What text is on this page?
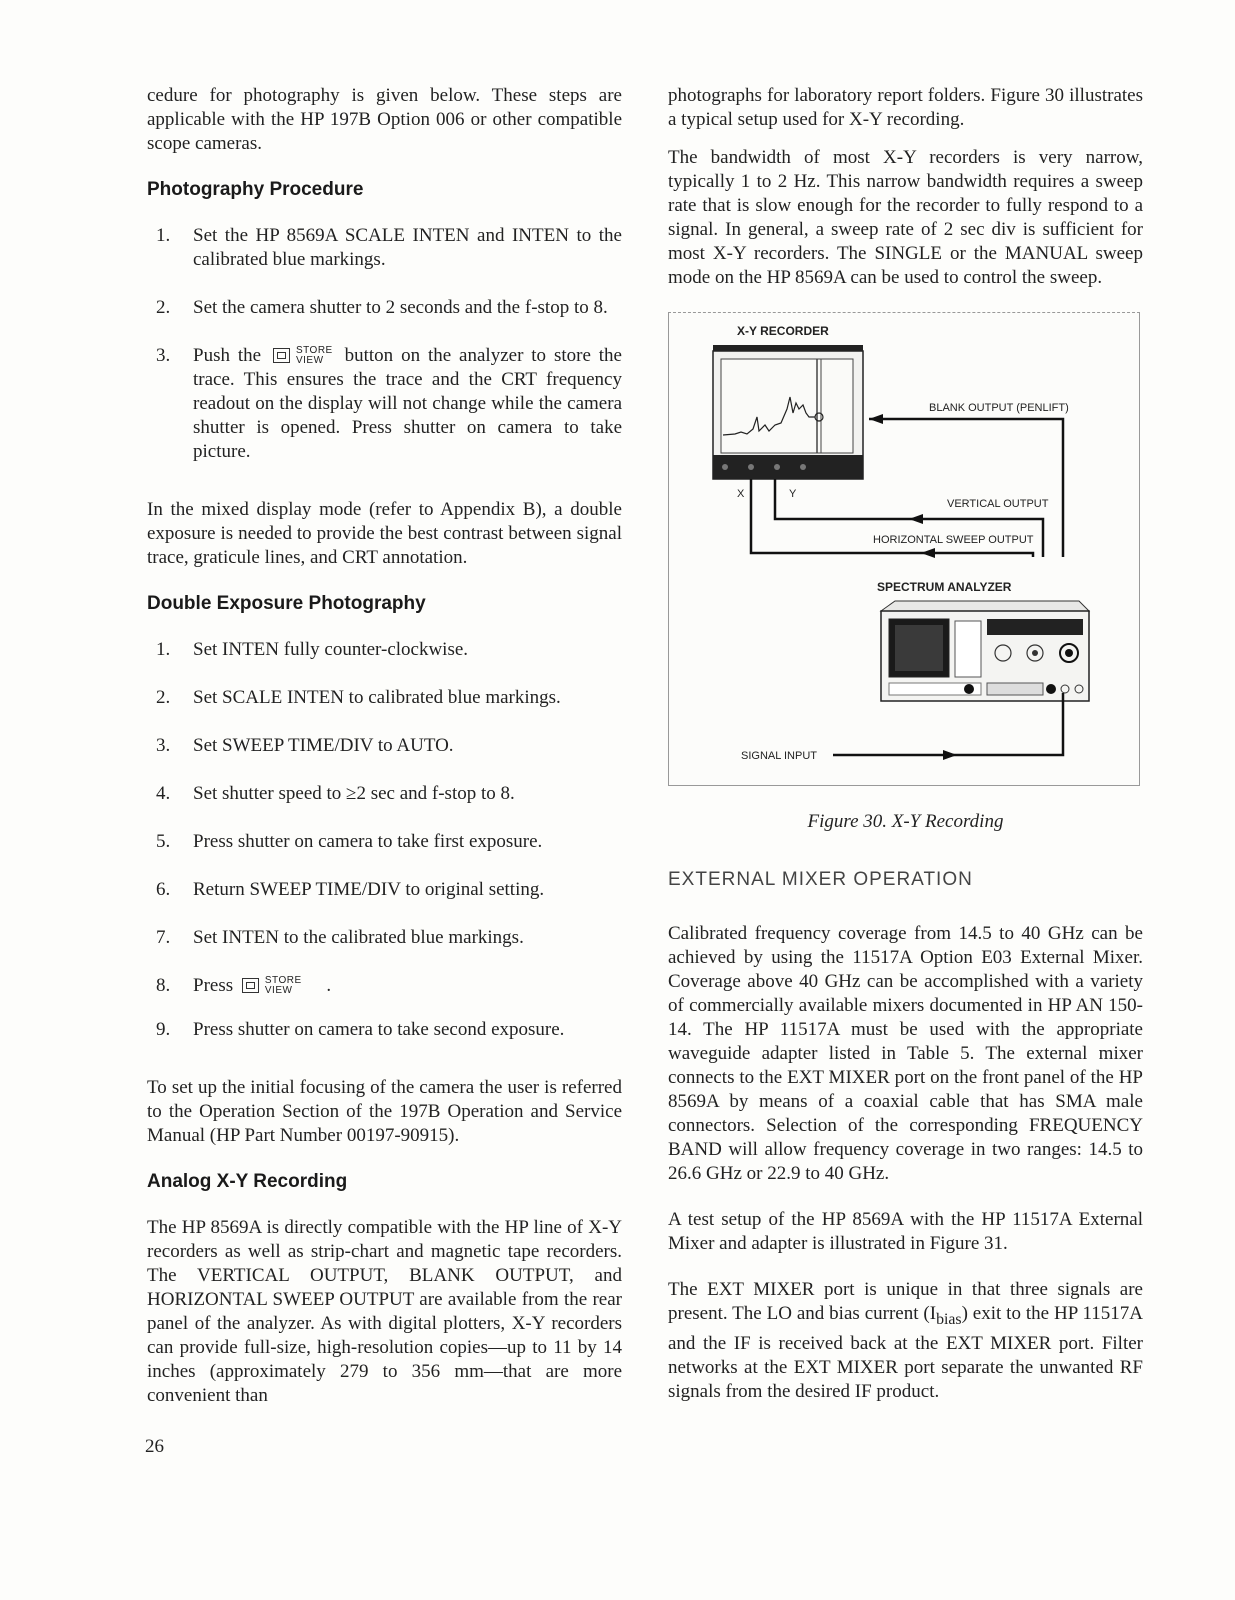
cedure for photography is given below. These steps are applicable with the HP 197B Option 006 or other compatible scope cameras.

Photography Procedure
1. Set the HP 8569A SCALE INTEN and INTEN to the calibrated blue markings.

2. Set the camera shutter to 2 seconds and the f-stop to 8.

3. Push the	STORE
VIEW	button on the analyzer to store the trace. This ensures the trace and the CRT frequency readout on the display will not change while the camera shutter is opened. Press shutter on camera to take picture.

In the mixed display mode (refer to Appendix B), a double exposure is needed to provide the best contrast between signal trace, graticule lines, and CRT annotation.

Double Exposure Photography
1. Set INTEN fully counter-clockwise.

2. Set SCALE INTEN to calibrated blue markings.

3. Set SWEEP TIME/DIV to AUTO.

4. Set shutter speed to ≥2 sec and f-stop to 8.

5. Press shutter on camera to take first exposure.

6. Return SWEEP TIME/DIV to original setting.

7. Set INTEN to the calibrated blue markings.

8. Press	STORE
VIEW	.

9. Press shutter on camera to take second exposure.

To set up the initial focusing of the camera the user is referred to the Operation Section of the 197B Operation and Service Manual (HP Part Number 00197-90915).

Analog X-Y Recording

The HP 8569A is directly compatible with the HP line of X-Y recorders as well as strip-chart and magnetic tape recorders. The VERTICAL OUTPUT, BLANK OUTPUT, and HORIZONTAL SWEEP OUTPUT are available from the rear panel of the analyzer. As with digital plotters, X-Y recorders can provide full-size, high-resolution copies—up to 11 by 14 inches (approximately 279 to 356 mm—that are more convenient than

photographs for laboratory report folders. Figure 30 illustrates a typical setup used for X-Y recording.

The bandwidth of most X-Y recorders is very narrow, typically 1 to 2 Hz. This narrow bandwidth requires a sweep rate that is slow enough for the recorder to fully respond to a signal. In general, a sweep rate of 2 sec div is sufficient for most X-Y recorders. The SINGLE or the MANUAL sweep mode on the HP 8569A can be used to control the sweep.

X-Y RECORDER
BLANK OUTPUT (PENLIFT)
X	Y
VERTICAL OUTPUT
HORIZONTAL SWEEP OUTPUT
SPECTRUM ANALYZER
SIGNAL INPUT
Figure 30. X-Y Recording
EXTERNAL MIXER OPERATION

Calibrated frequency coverage from 14.5 to 40 GHz can be achieved by using the 11517A Option E03 External Mixer. Coverage above 40 GHz can be accomplished with a variety of commercially available mixers documented in HP AN 150-14. The HP 11517A must be used with the appropriate waveguide adapter listed in Table 5. The external mixer connects to the EXT MIXER port on the front panel of the HP 8569A by means of a coaxial cable that has SMA male connectors. Selection of the corresponding FREQUENCY BAND will allow frequency coverage in two ranges: 14.5 to 26.6 GHz or 22.9 to 40 GHz.

A test setup of the HP 8569A with the HP 11517A External Mixer and adapter is illustrated in Figure 31.

The EXT MIXER port is unique in that three signals are present. The LO and bias current $(I_{bias})$ exit to the HP 11517A and the IF is received back at the EXT MIXER port. Filter networks at the EXT MIXER port separate the unwanted RF signals from the desired IF product.

26
